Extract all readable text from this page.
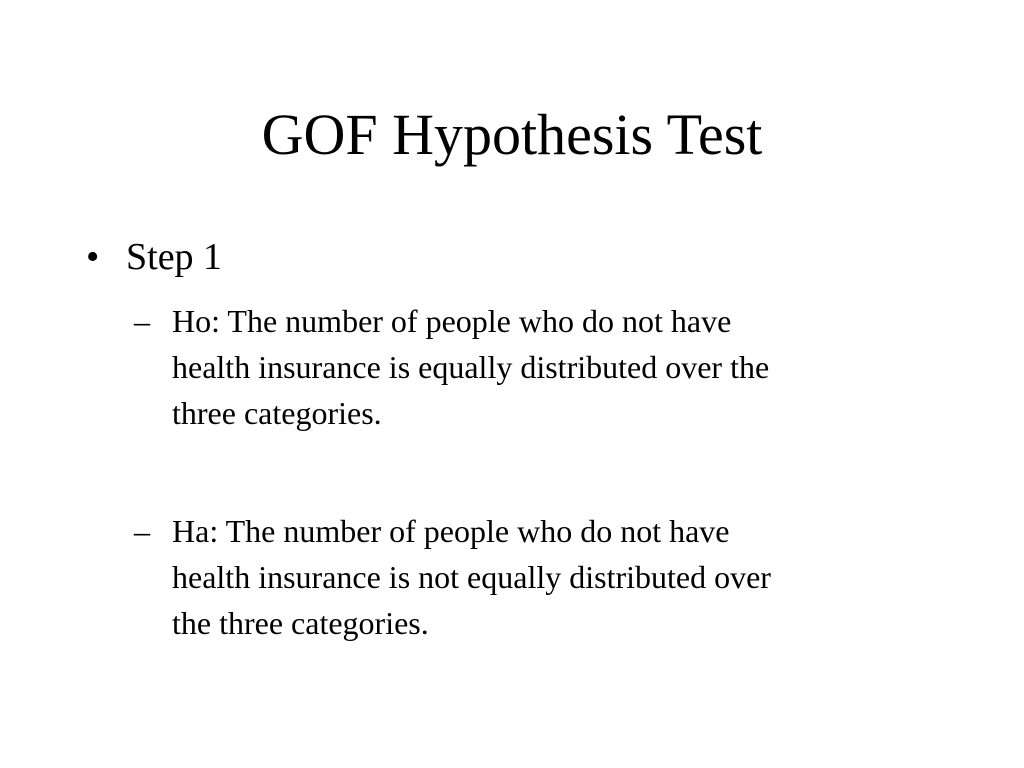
GOF Hypothesis Test
• Step 1
– Ho: The number of people who do not have
health insurance is equally distributed over the
three categories.
– Ha: The number of people who do not have
health insurance is not equally distributed over
the three categories.
